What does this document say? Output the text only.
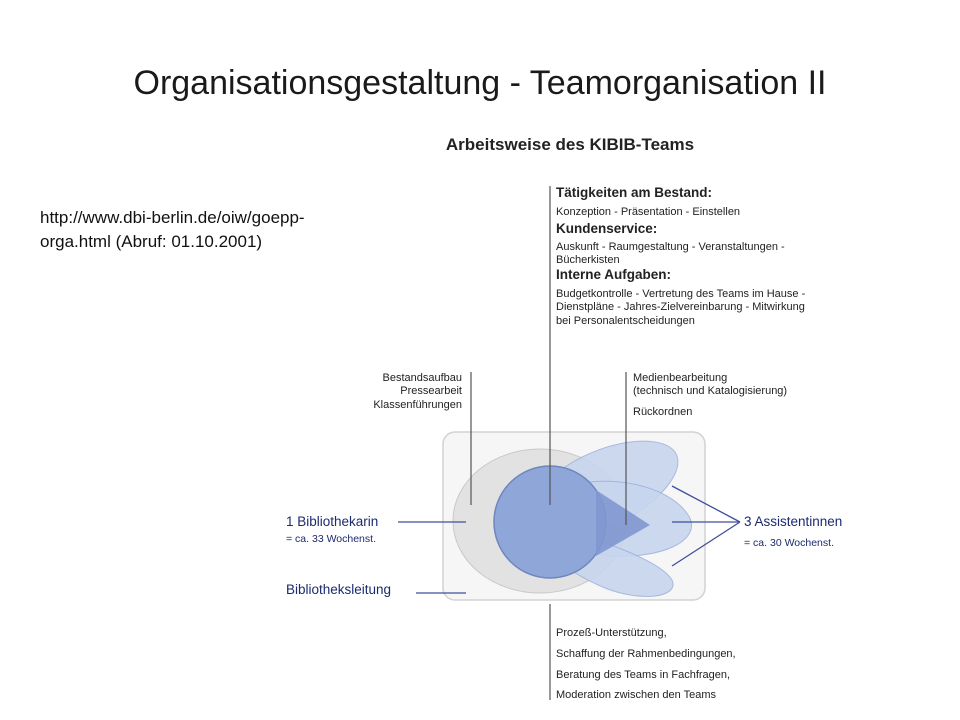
Organisationsgestaltung - Teamorganisation II
http://www.dbi-berlin.de/oiw/goepp-
orga.html (Abruf: 01.10.2001)
Arbeitsweise des KIBIB-Teams
Tätigkeiten am Bestand:
Konzeption - Präsentation - Einstellen
Kundenservice:
Auskunft - Raumgestaltung - Veranstaltungen -
Bücherkisten
Interne Aufgaben:
Budgetkontrolle - Vertretung des Teams im Hause -
Dienstpläne - Jahres-Zielvereinbarung - Mitwirkung
bei Personalentscheidungen
Bestandsaufbau
Pressearbeit
Klassenführungen
Medienbearbeitung
(technisch und Katalogisierung)
Rückordnen
1 Bibliothekarin
= ca. 33 Wochenst.
Bibliotheksleitung
3 Assistentinnen
= ca. 30 Wochenst.
Prozeß-Unterstützung,
Schaffung der Rahmenbedingungen,
Beratung des Teams in Fachfragen,
Moderation zwischen den Teams
